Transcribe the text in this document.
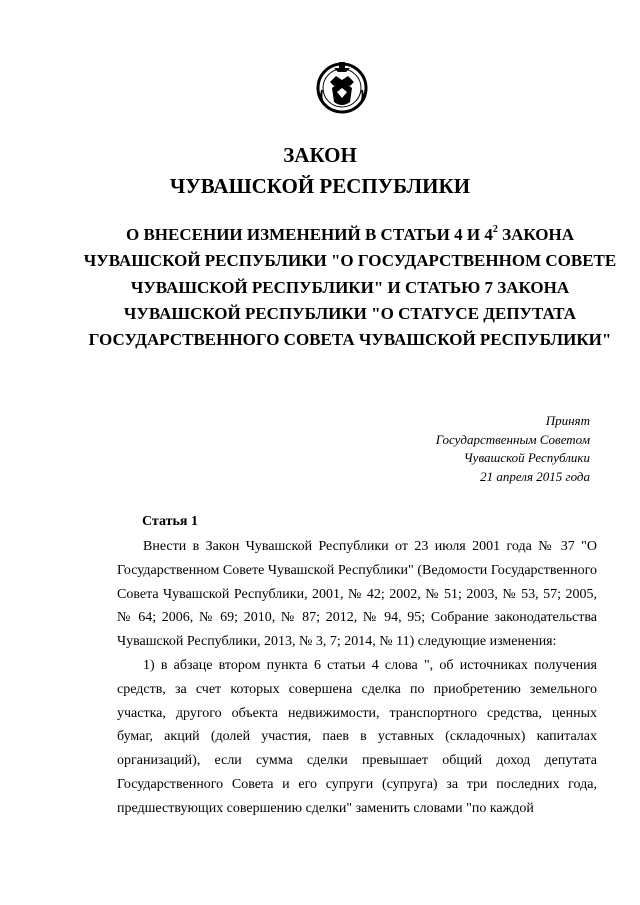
ЗАКОН
ЧУВАШСКОЙ РЕСПУБЛИКИ
О ВНЕСЕНИИ ИЗМЕНЕНИЙ В СТАТЬИ 4 И $4^2$ ЗАКОНА ЧУВАШСКОЙ РЕСПУБЛИКИ "О ГОСУДАРСТВЕННОМ СОВЕТЕ ЧУВАШСКОЙ РЕСПУБЛИКИ" И СТАТЬЮ 7 ЗАКОНА ЧУВАШСКОЙ РЕСПУБЛИКИ "О СТАТУСЕ ДЕПУТАТА ГОСУДАРСТВЕННОГО СОВЕТА ЧУВАШСКОЙ РЕСПУБЛИКИ"
Принят
Государственным Советом
Чувашской Республики
21 апреля 2015 года
Статья 1

Внести в Закон Чувашской Республики от 23 июля 2001 года № 37 "О Государственном Совете Чувашской Республики" (Ведомости Государственного Совета Чувашской Республики, 2001, № 42; 2002, № 51; 2003, № 53, 57; 2005, № 64; 2006, № 69; 2010, № 87; 2012, № 94, 95; Собрание законодательства Чувашской Республики, 2013, № 3, 7; 2014, № 11) следующие изменения:

1) в абзаце втором пункта 6 статьи 4 слова ", об источниках получения средств, за счет которых совершена сделка по приобретению земельного участка, другого объекта недвижимости, транспортного средства, ценных бумаг, акций (долей участия, паев в уставных (складочных) капиталах организаций), если сумма сделки превышает общий доход депутата Государственного Совета и его супруги (супруга) за три последних года, предшествующих совершению сделки" заменить словами "по каждой
